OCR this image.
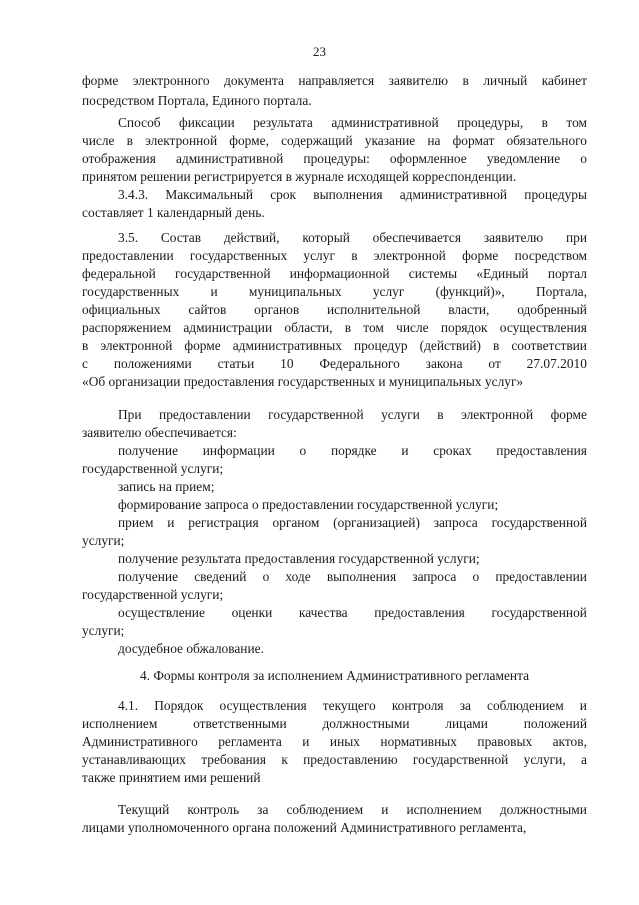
23
форме электронного документа направляется заявителю в личный кабинет
посредством Портала, Единого портала.
Способ фиксации результата административной процедуры, в том
числе в электронной форме, содержащий указание на формат обязательного
отображения административной процедуры: оформленное уведомление о
принятом решении регистрируется в журнале исходящей корреспонденции.
3.4.3. Максимальный срок выполнения административной процедуры
составляет 1 календарный день.
3.5. Состав действий, который обеспечивается заявителю при
предоставлении государственных услуг в электронной форме посредством
федеральной государственной информационной системы «Единый портал
государственных и муниципальных услуг (функций)», Портала,
официальных сайтов органов исполнительной власти, одобренный
распоряжением администрации области, в том числе порядок осуществления
в электронной форме административных процедур (действий) в соответствии
с положениями статьи 10 Федерального закона от 27.07.2010
«Об организации предоставления государственных и муниципальных услуг»
При предоставлении государственной услуги в электронной форме
заявителю обеспечивается:
получение информации о порядке и сроках предоставления
государственной услуги;
запись на прием;
формирование запроса о предоставлении государственной услуги;
прием и регистрация органом (организацией) запроса государственной
услуги;
получение результата предоставления государственной услуги;
получение сведений о ходе выполнения запроса о предоставлении
государственной услуги;
осуществление оценки качества предоставления государственной
услуги;
досудебное обжалование.
4. Формы контроля за исполнением Административного регламента
4.1. Порядок осуществления текущего контроля за соблюдением и
исполнением	ответственными	должностными	лицами	положений
Административного регламента и иных нормативных правовых актов,
устанавливающих требования к предоставлению государственной услуги, а
также принятием ими решений
Текущий контроль за соблюдением и исполнением должностными
лицами уполномоченного органа положений Административного регламента,
